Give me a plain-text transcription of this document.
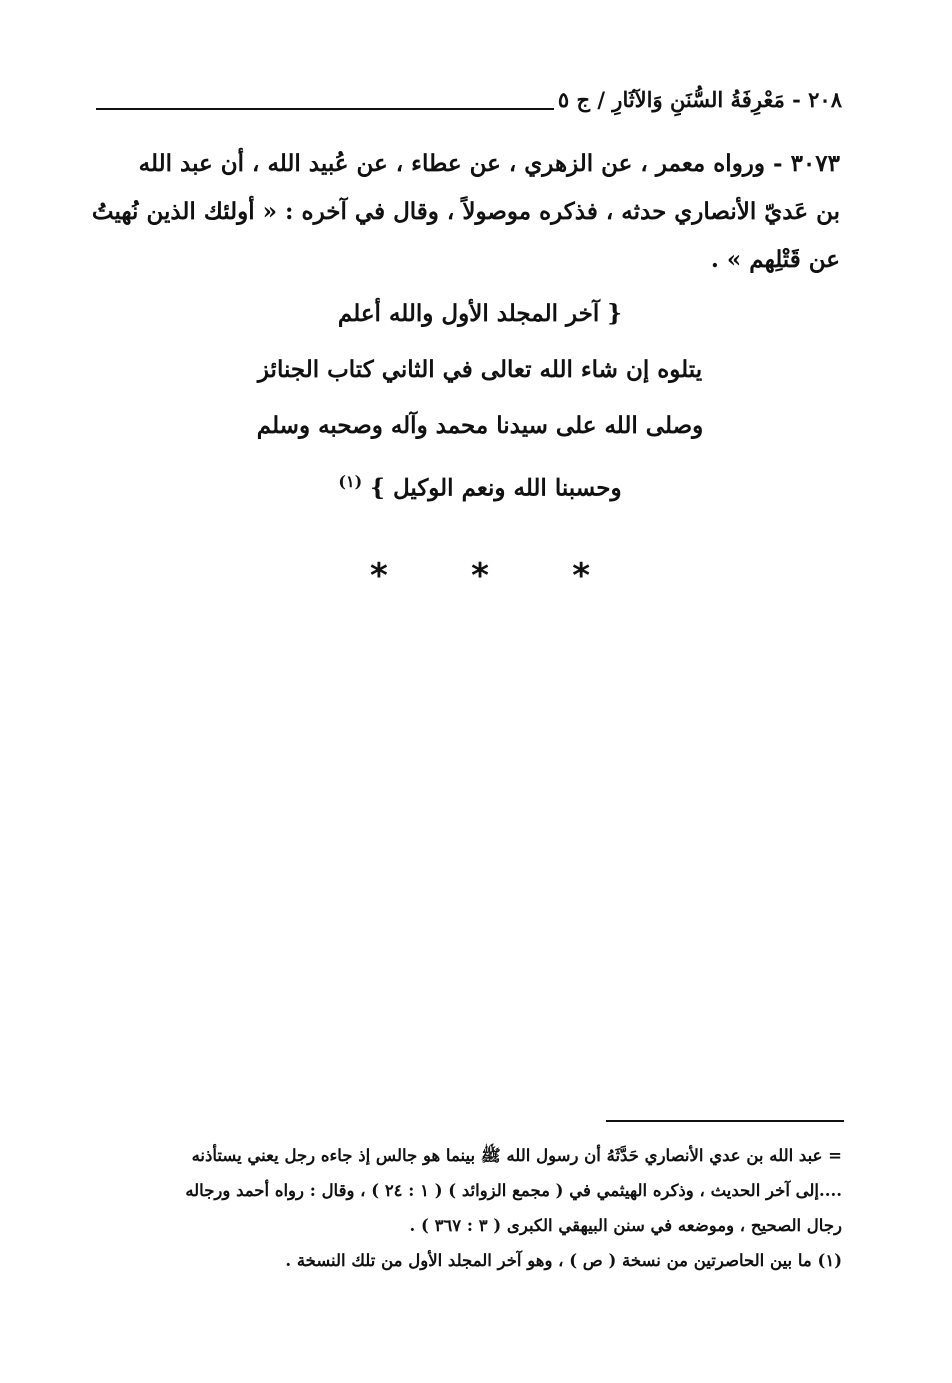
٢٠٨ - مَعْرِفَةُ السُّنَنِ وَالآثَارِ / ج ٥
٣٠٧٣ - ورواه معمر ، عن الزهري ، عن عطاء ، عن عُبيد الله ، أن عبد الله
بن عَديّ الأنصاري حدثه ، فذكره موصولاً ، وقال في آخره : « أولئك الذين نُهيتُ
عن قَتْلِهم » .
{ آخر المجلد الأول والله أعلم
يتلوه إن شاء الله تعالى في الثاني كتاب الجنائز
وصلى الله على سيدنا محمد وآله وصحبه وسلم
وحسبنا الله ونعم الوكيل } $^{(١)}$
* * *
= عبد الله بن عدي الأنصاري حَدَّثَهُ أن رسول الله ﷺ بينما هو جالس إذ جاءه رجل يعني يستأذنه
....إلى آخر الحديث ، وذكره الهيثمي في ( مجمع الزوائد ) ( ١ : ٢٤ ) ، وقال : رواه أحمد ورجاله
رجال الصحيح ، وموضعه في سنن البيهقي الكبرى ( ٣ : ٣٦٧ ) .
(١) ما بين الحاصرتين من نسخة ( ص ) ، وهو آخر المجلد الأول من تلك النسخة .
